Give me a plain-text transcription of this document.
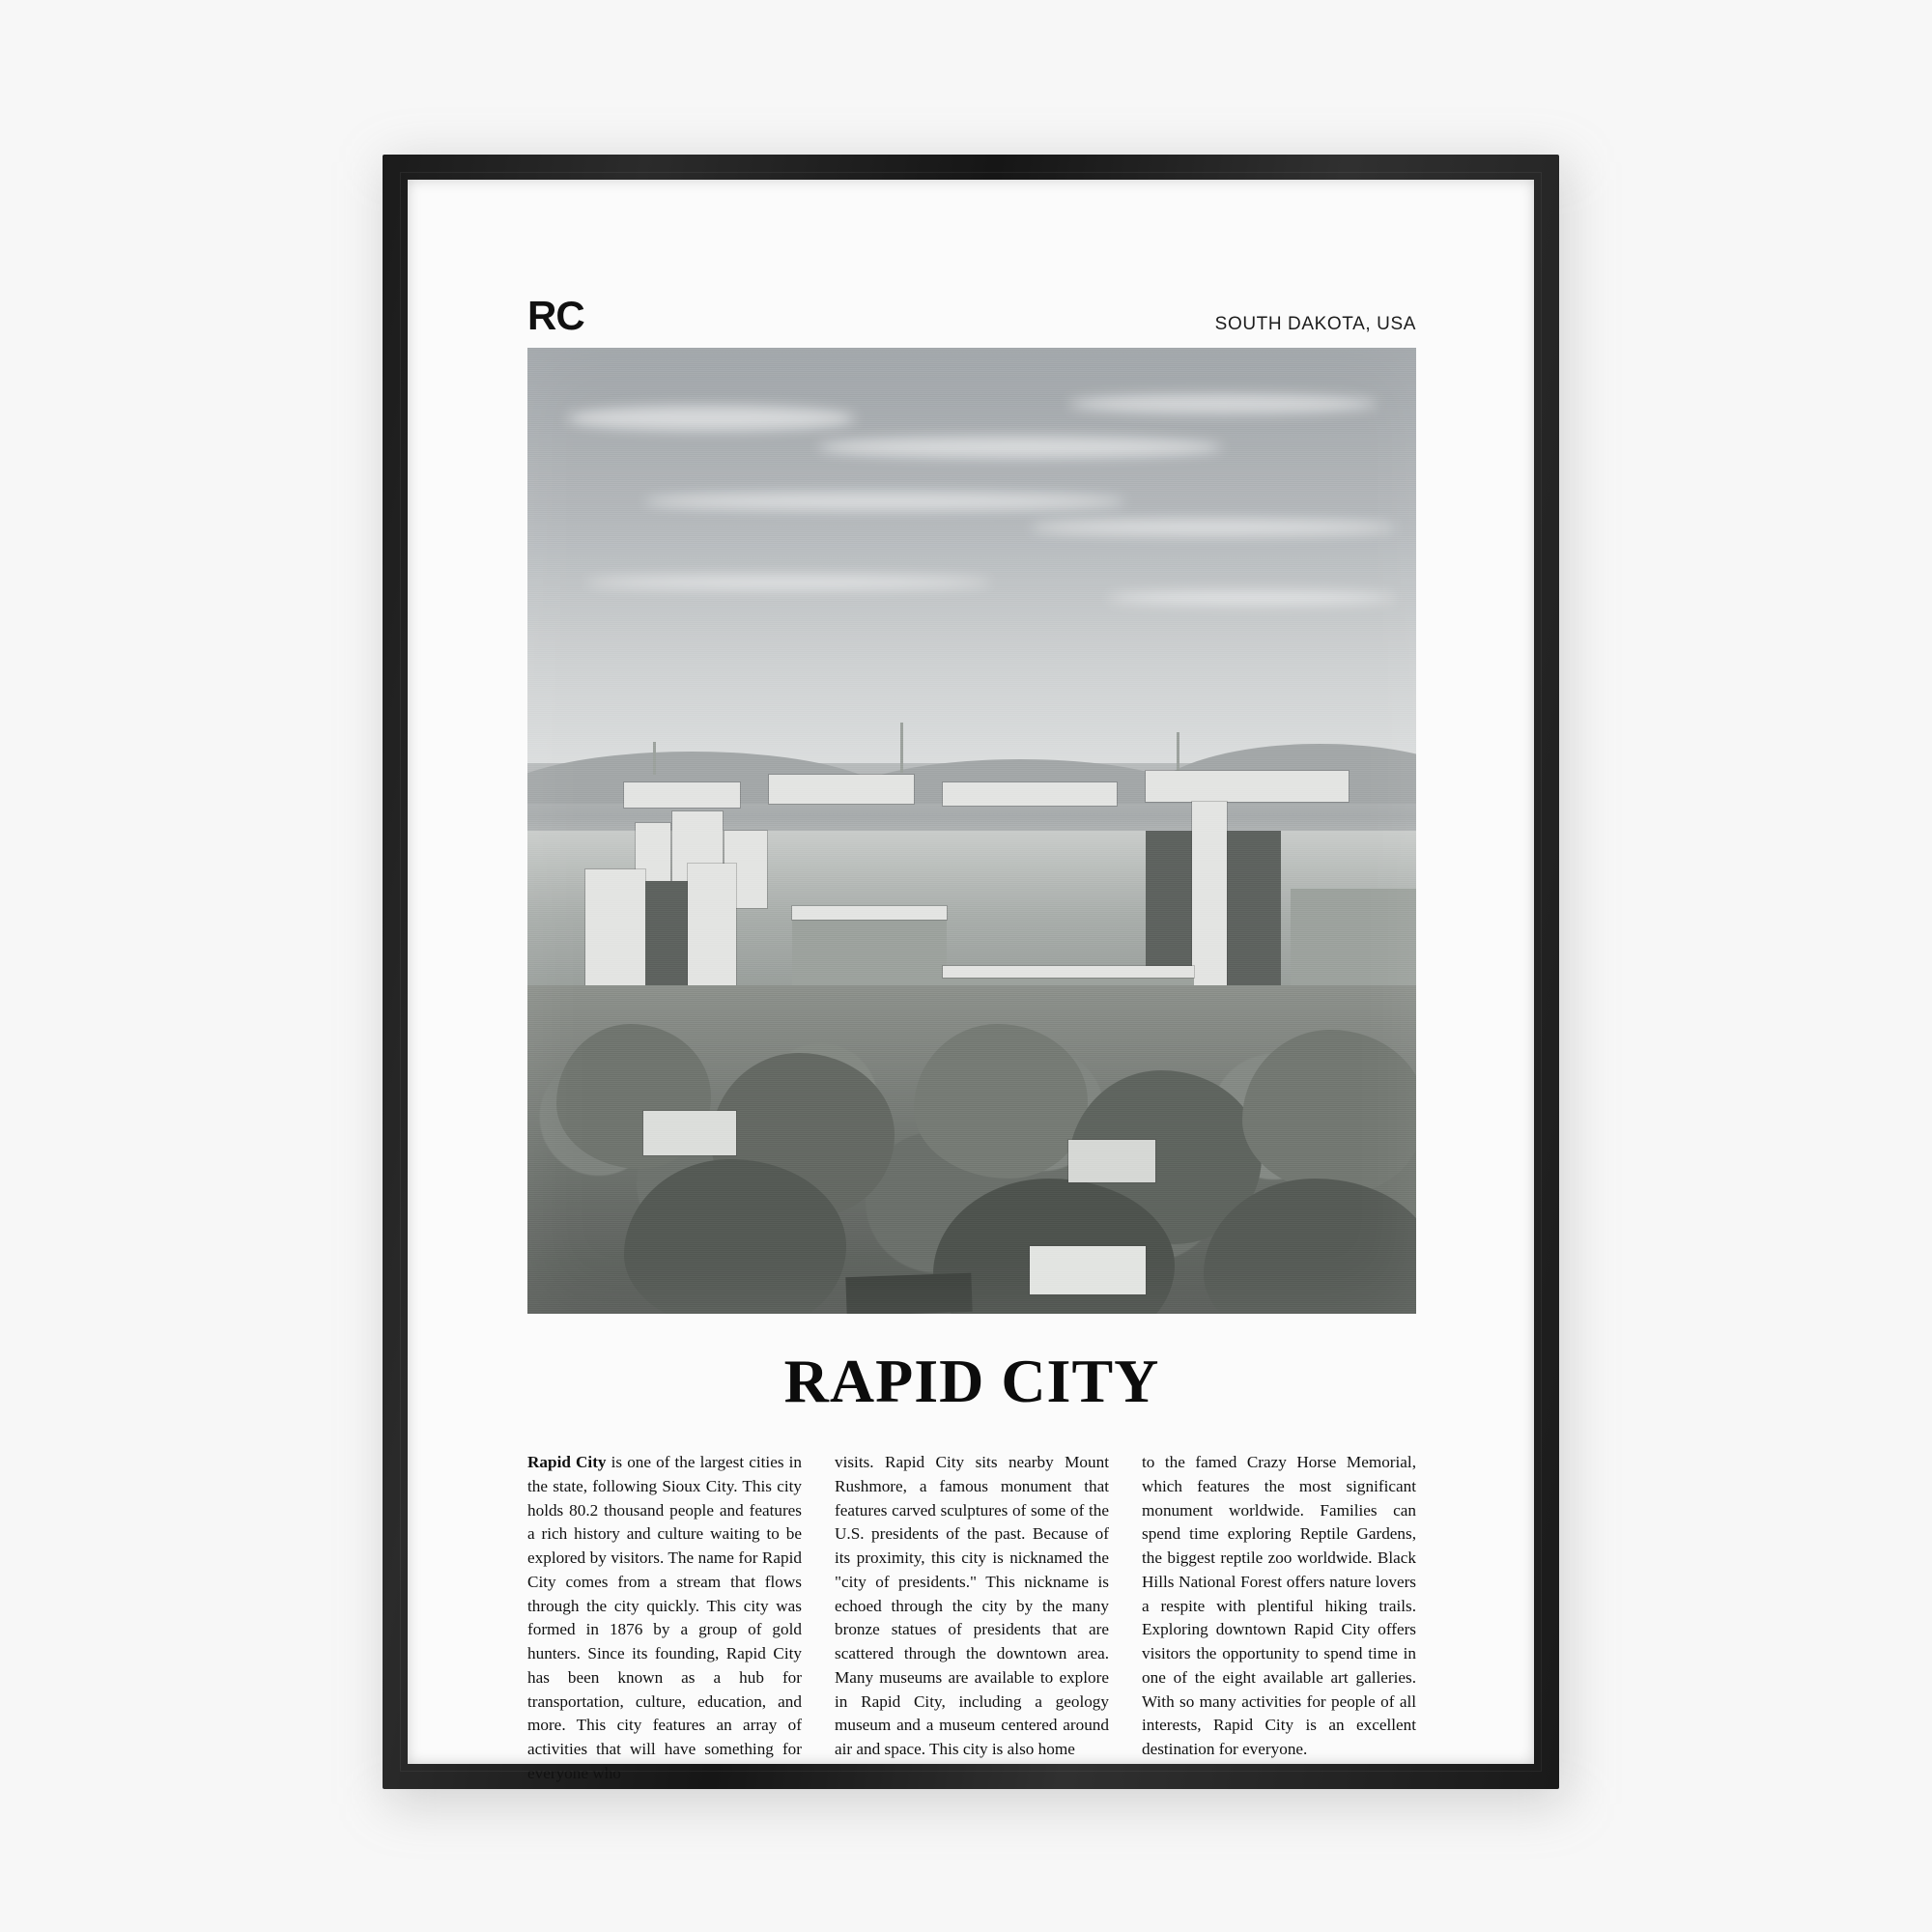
RC	SOUTH DAKOTA, USA
RAPID CITY
Rapid City is one of the largest cities in the state, following Sioux City. This city holds 80.2 thousand people and features a rich history and culture waiting to be explored by visitors. The name for Rapid City comes from a stream that flows through the city quickly. This city was formed in 1876 by a group of gold hunters. Since its founding, Rapid City has been known as a hub for transportation, culture, education, and more. This city features an array of activities that will have something for everyone who
visits. Rapid City sits nearby Mount Rushmore, a famous monument that features carved sculptures of some of the U.S. presidents of the past. Because of its proximity, this city is nicknamed the "city of presidents." This nickname is echoed through the city by the many bronze statues of presidents that are scattered through the downtown area. Many museums are available to explore in Rapid City, including a geology museum and a museum centered around air and space. This city is also home
to the famed Crazy Horse Memorial, which features the most significant monument worldwide. Families can spend time exploring Reptile Gardens, the biggest reptile zoo worldwide. Black Hills National Forest offers nature lovers a respite with plentiful hiking trails. Exploring downtown Rapid City offers visitors the opportunity to spend time in one of the eight available art galleries. With so many activities for people of all interests, Rapid City is an excellent destination for everyone.
